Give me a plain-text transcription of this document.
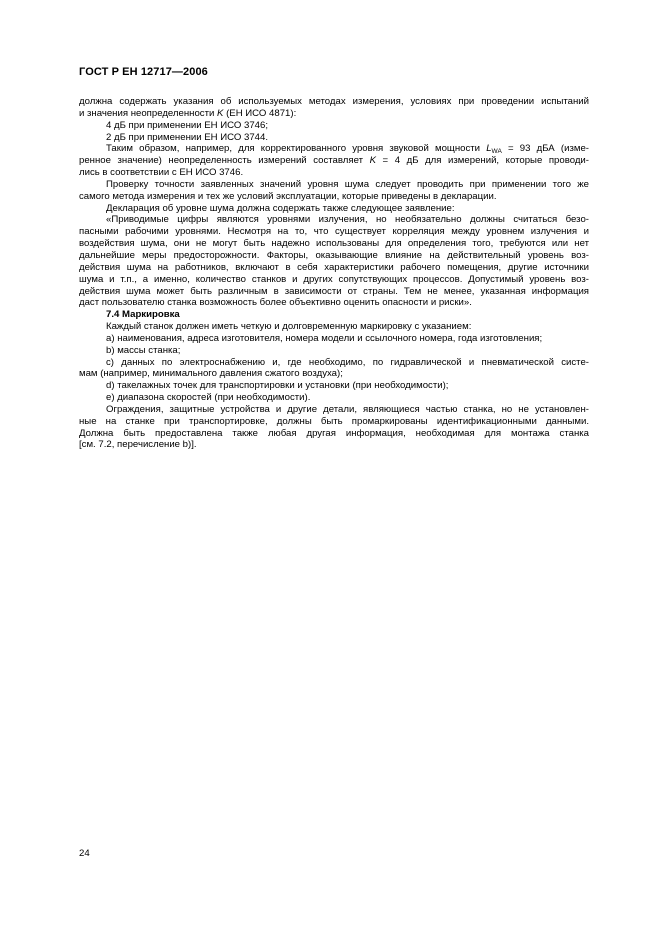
ГОСТ Р ЕН 12717—2006
должна содержать указания об используемых методах измерения, условиях при проведении испытаний
и значения неопределенности K (ЕН ИСО 4871):
4 дБ при применении ЕН ИСО 3746;
2 дБ при применении ЕН ИСО 3744.
Таким образом, например, для корректированного уровня звуковой мощности $L_{WA} = 93$ дБА (изме-
ренное значение) неопределенность измерений составляет K = 4 дБ для измерений, которые проводи-
лись в соответствии с ЕН ИСО 3746.
Проверку точности заявленных значений уровня шума следует проводить при применении того же
самого метода измерения и тех же условий эксплуатации, которые приведены в декларации.
Декларация об уровне шума должна содержать также следующее заявление:
«Приводимые цифры являются уровнями излучения, но необязательно должны считаться безо-
пасными рабочими уровнями. Несмотря на то, что существует корреляция между уровнем излучения и
воздействия шума, они не могут быть надежно использованы для определения того, требуются или нет
дальнейшие меры предосторожности. Факторы, оказывающие влияние на действительный уровень воз-
действия шума на работников, включают в себя характеристики рабочего помещения, другие источники
шума и т.п., а именно, количество станков и других сопутствующих процессов. Допустимый уровень воз-
действия шума может быть различным в зависимости от страны. Тем не менее, указанная информация
даст пользователю станка возможность более объективно оценить опасности и риски».
7.4 Маркировка
Каждый станок должен иметь четкую и долговременную маркировку с указанием:
а) наименования, адреса изготовителя, номера модели и ссылочного номера, года изготовления;
b) массы станка;
с) данных по электроснабжению и, где необходимо, по гидравлической и пневматической систе-
мам (например, минимального давления сжатого воздуха);
d) такелажных точек для транспортировки и установки (при необходимости);
е) диапазона скоростей (при необходимости).
Ограждения, защитные устройства и другие детали, являющиеся частью станка, но не установлен-
ные на станке при транспортировке, должны быть промаркированы идентификационными данными.
Должна быть предоставлена также любая другая информация, необходимая для монтажа станка
[см. 7.2, перечисление b)].
24
